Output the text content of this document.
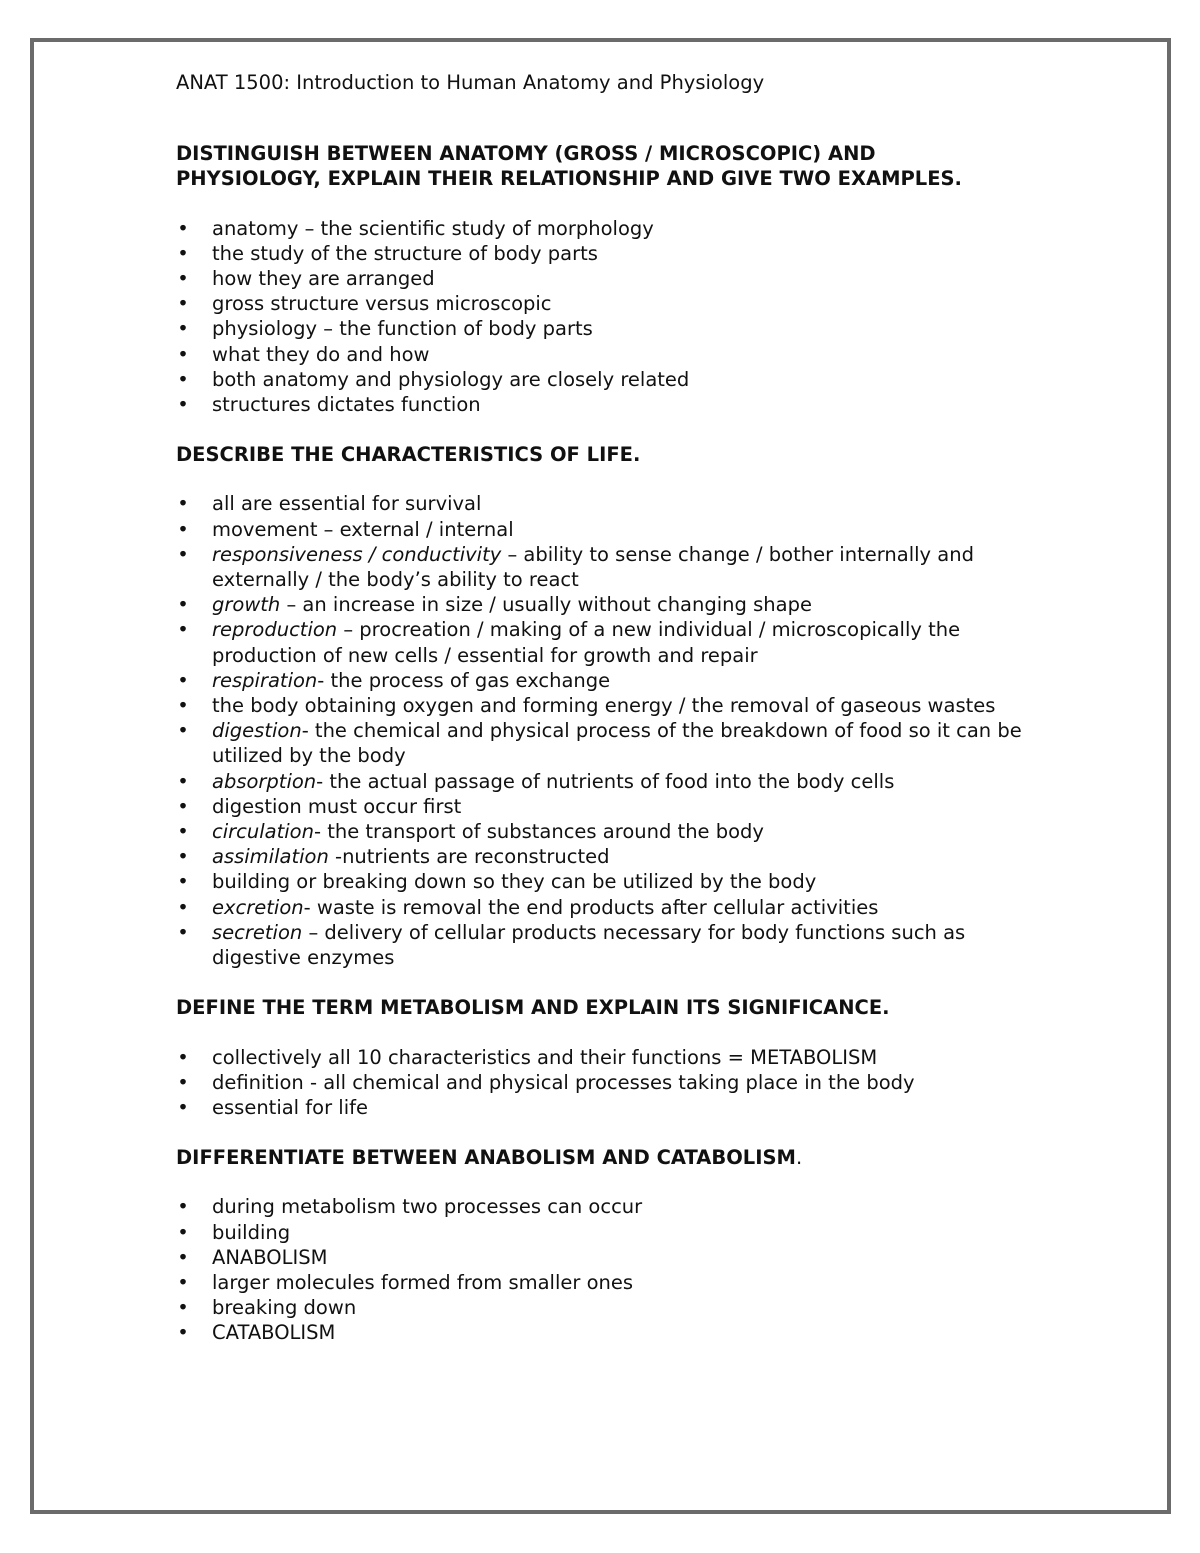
ANAT 1500: Introduction to Human Anatomy and Physiology
DISTINGUISH BETWEEN ANATOMY (GROSS / MICROSCOPIC) AND PHYSIOLOGY, EXPLAIN THEIR RELATIONSHIP AND GIVE TWO EXAMPLES.
• anatomy – the scientific study of morphology
• the study of the structure of body parts
• how they are arranged
• gross structure versus microscopic
• physiology – the function of body parts
• what they do and how
• both anatomy and physiology are closely related
• structures dictates function
DESCRIBE THE CHARACTERISTICS OF LIFE.
• all are essential for survival
• movement – external / internal
• responsiveness / conductivity – ability to sense change / bother internally and externally / the body’s ability to react
• growth – an increase in size / usually without changing shape
• reproduction – procreation / making of a new individual / microscopically the production of new cells / essential for growth and repair
• respiration- the process of gas exchange
• the body obtaining oxygen and forming energy / the removal of gaseous wastes
• digestion- the chemical and physical process of the breakdown of food so it can be utilized by the body
• absorption- the actual passage of nutrients of food into the body cells
• digestion must occur first
• circulation- the transport of substances around the body
• assimilation -nutrients are reconstructed
• building or breaking down so they can be utilized by the body
• excretion- waste is removal the end products after cellular activities
• secretion – delivery of cellular products necessary for body functions such as digestive enzymes
DEFINE THE TERM METABOLISM AND EXPLAIN ITS SIGNIFICANCE.
• collectively all 10 characteristics and their functions = METABOLISM
• definition - all chemical and physical processes taking place in the body
• essential for life
DIFFERENTIATE BETWEEN ANABOLISM AND CATABOLISM.
• during metabolism two processes can occur
• building
• ANABOLISM
• larger molecules formed from smaller ones
• breaking down
• CATABOLISM
